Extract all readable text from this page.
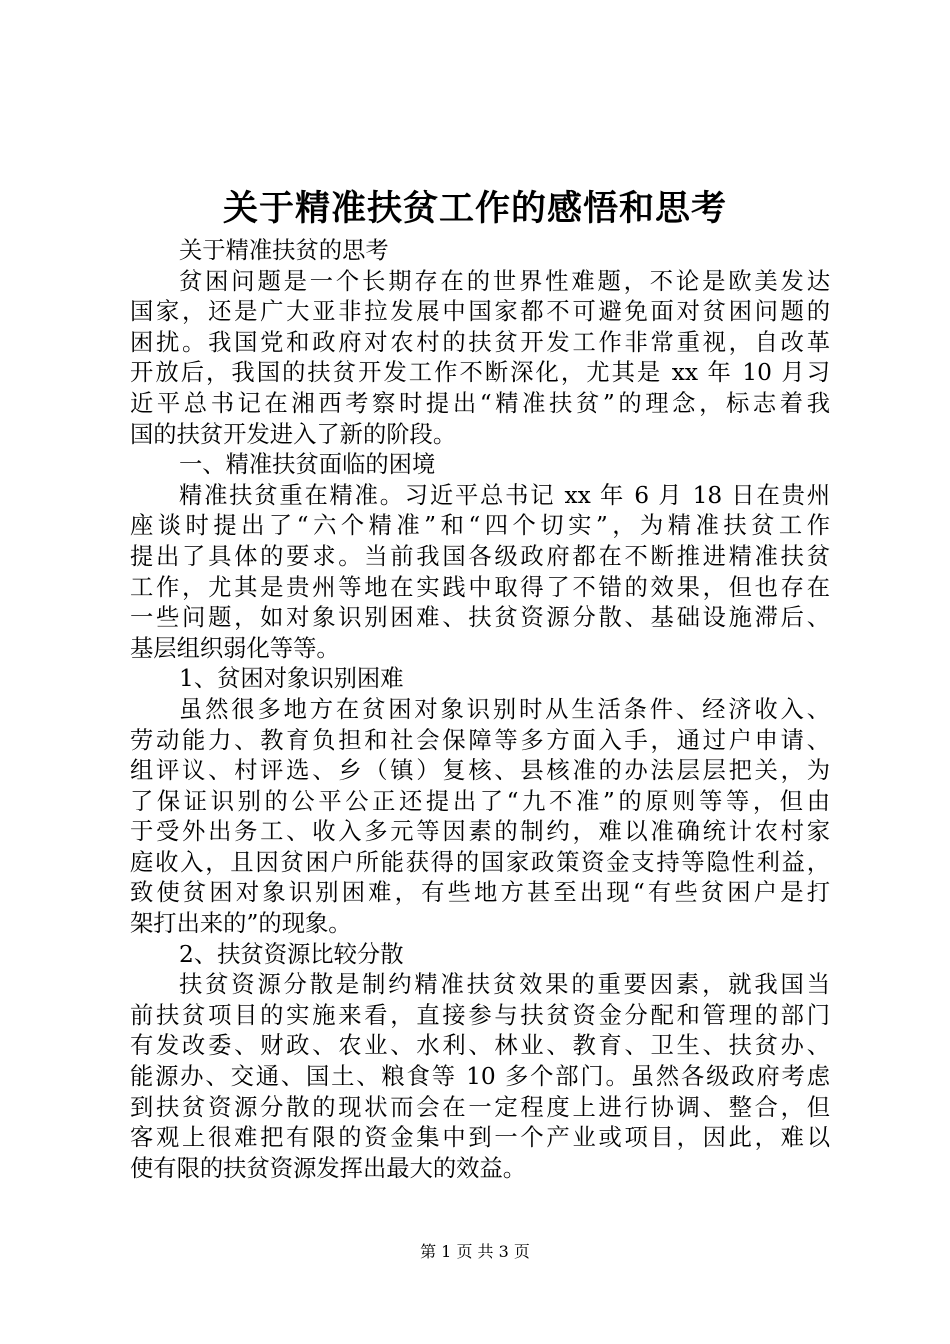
关于精准扶贫工作的感悟和思考
关于精准扶贫的思考
贫困问题是一个长期存在的世界性难题，不论是欧美发达
国家，还是广大亚非拉发展中国家都不可避免面对贫困问题的
困扰。我国党和政府对农村的扶贫开发工作非常重视，自改革
开放后，我国的扶贫开发工作不断深化，尤其是 xx 年 10 月习
近平总书记在湘西考察时提出“精准扶贫”的理念，标志着我
国的扶贫开发进入了新的阶段。
一、精准扶贫面临的困境
精准扶贫重在精准。习近平总书记 xx 年 6 月 18 日在贵州
座谈时提出了“六个精准”和“四个切实”，为精准扶贫工作
提出了具体的要求。当前我国各级政府都在不断推进精准扶贫
工作，尤其是贵州等地在实践中取得了不错的效果，但也存在
一些问题，如对象识别困难、扶贫资源分散、基础设施滞后、
基层组织弱化等等。
1、贫困对象识别困难
虽然很多地方在贫困对象识别时从生活条件、经济收入、
劳动能力、教育负担和社会保障等多方面入手，通过户申请、
组评议、村评选、乡（镇）复核、县核准的办法层层把关，为
了保证识别的公平公正还提出了“九不准”的原则等等，但由
于受外出务工、收入多元等因素的制约，难以准确统计农村家
庭收入，且因贫困户所能获得的国家政策资金支持等隐性利益，
致使贫困对象识别困难，有些地方甚至出现“有些贫困户是打
架打出来的”的现象。
2、扶贫资源比较分散
扶贫资源分散是制约精准扶贫效果的重要因素，就我国当
前扶贫项目的实施来看，直接参与扶贫资金分配和管理的部门
有发改委、财政、农业、水利、林业、教育、卫生、扶贫办、
能源办、交通、国土、粮食等 10 多个部门。虽然各级政府考虑
到扶贫资源分散的现状而会在一定程度上进行协调、整合，但
客观上很难把有限的资金集中到一个产业或项目，因此，难以
使有限的扶贫资源发挥出最大的效益。
第 1 页 共 3 页
